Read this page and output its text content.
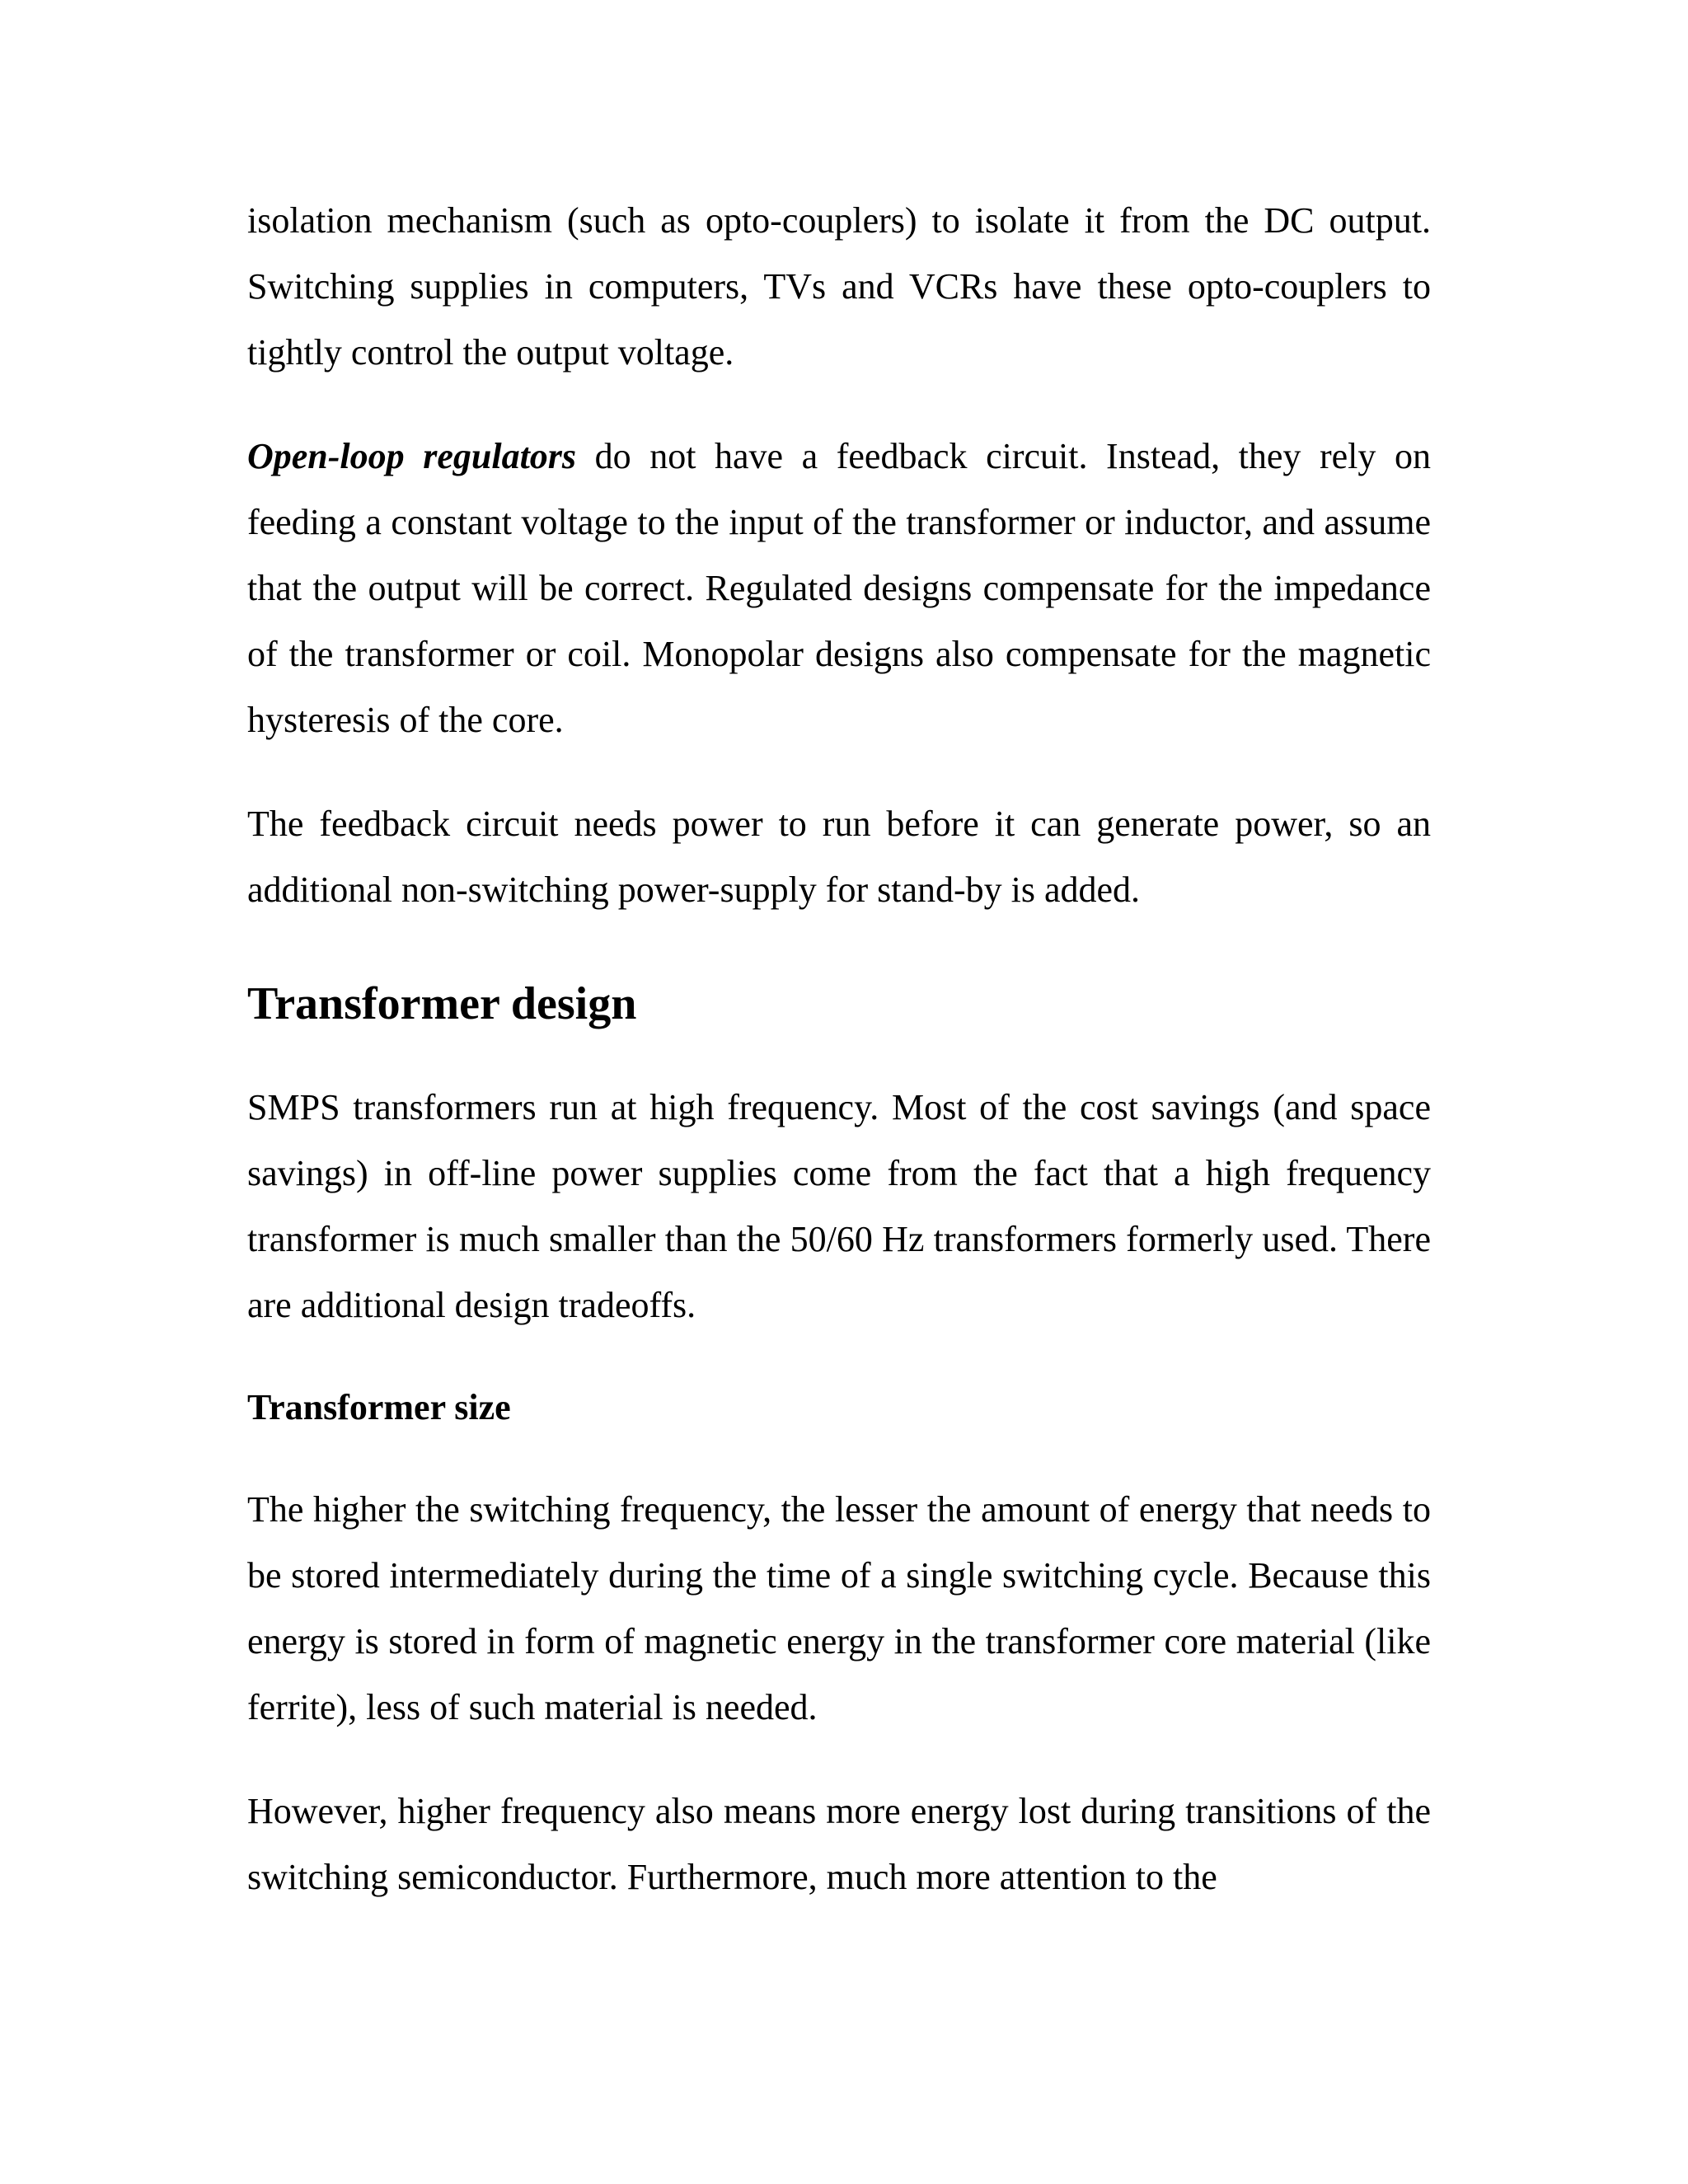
isolation mechanism (such as opto-couplers) to isolate it from the DC output. Switching supplies in computers, TVs and VCRs have these opto-couplers to tightly control the output voltage.

Open-loop regulators do not have a feedback circuit. Instead, they rely on feeding a constant voltage to the input of the transformer or inductor, and assume that the output will be correct. Regulated designs compensate for the impedance of the transformer or coil. Monopolar designs also compensate for the magnetic hysteresis of the core.

The feedback circuit needs power to run before it can generate power, so an additional non-switching power-supply for stand-by is added.

Transformer design

SMPS transformers run at high frequency. Most of the cost savings (and space savings) in off-line power supplies come from the fact that a high frequency transformer is much smaller than the 50/60 Hz transformers formerly used. There are additional design tradeoffs.

Transformer size

The higher the switching frequency, the lesser the amount of energy that needs to be stored intermediately during the time of a single switching cycle. Because this energy is stored in form of magnetic energy in the transformer core material (like ferrite), less of such material is needed.

However, higher frequency also means more energy lost during transitions of the switching semiconductor. Furthermore, much more attention to the
